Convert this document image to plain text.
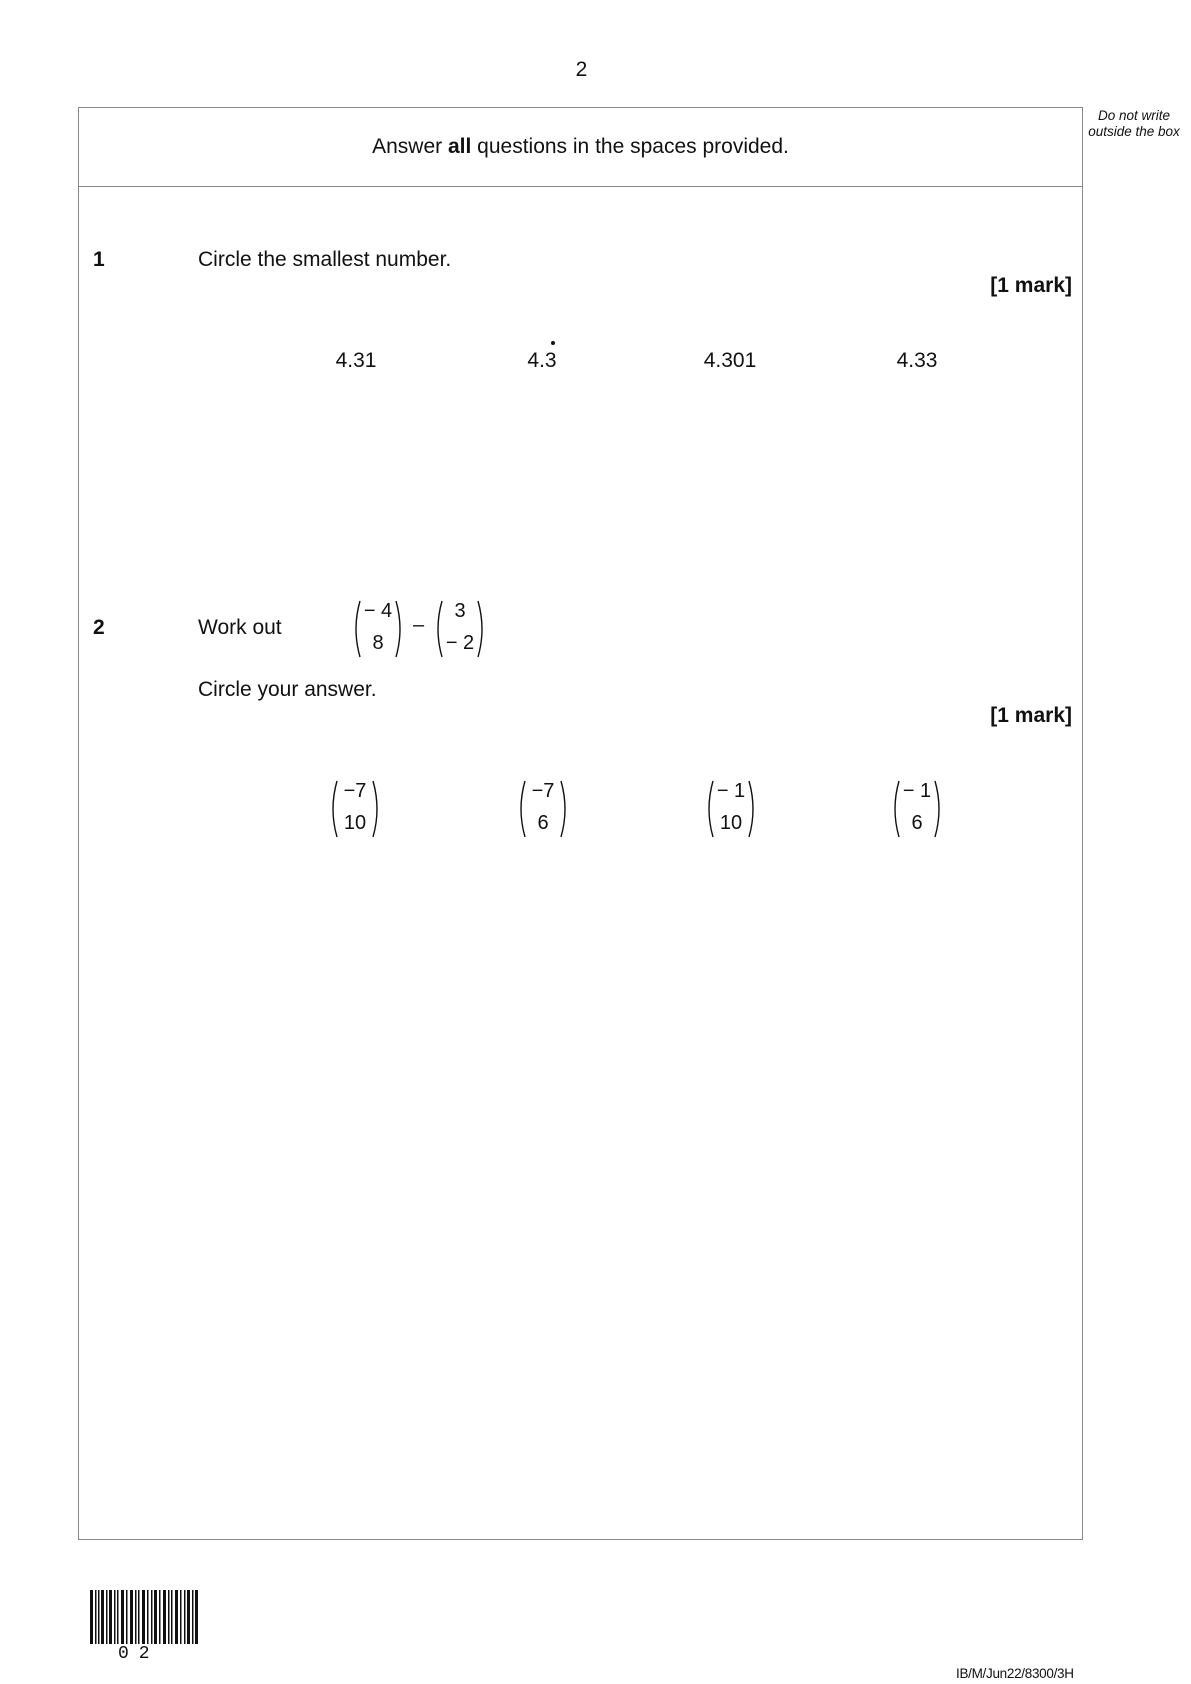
2
Do not write outside the box
Answer all questions in the spaces provided.
1	Circle the smallest number.
[1 mark]
4.31	4.3	4.301	4.33
2	Work out
− 4
8
–
3
− 2
Circle your answer.
[1 mark]
−7
10
−7
6
− 1
10
− 1
6
02
IB/M/Jun22/8300/3H
